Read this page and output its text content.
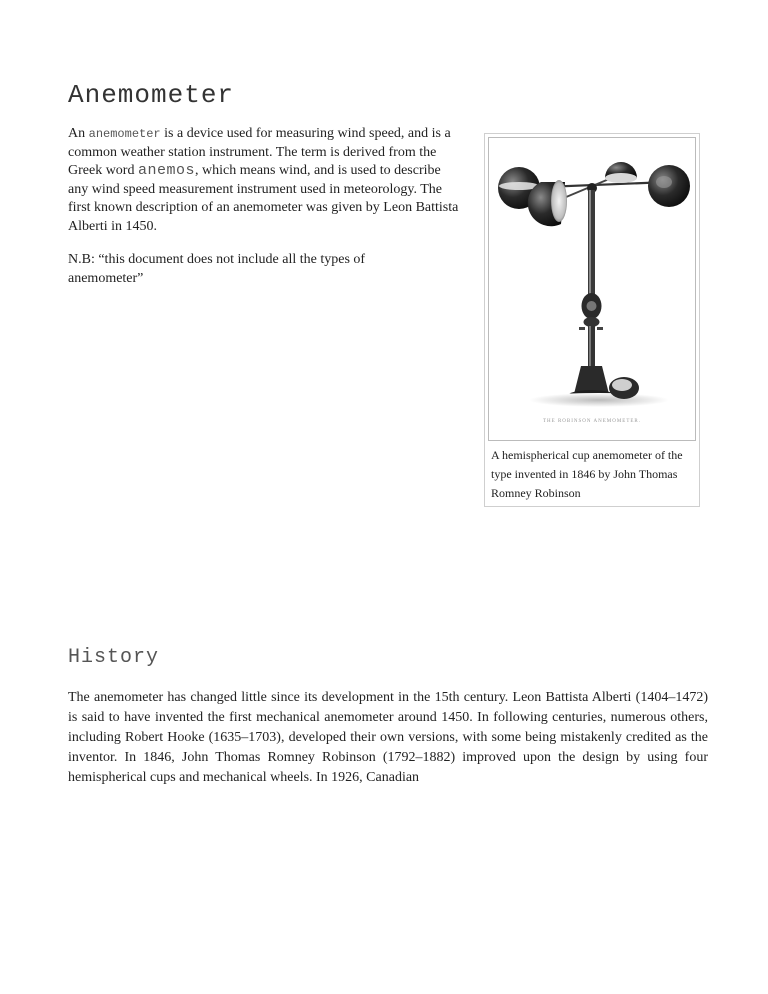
Anemometer

An anemometer is a device used for measuring wind speed, and is a common weather station instrument. The term is derived from the Greek word anemos, which means wind, and is used to describe any wind speed measurement instrument used in meteorology. The first known description of an anemometer was given by Leon Battista Alberti in 1450.

N.B: “this document does not include all the types of anemometer”

THE ROBINSON ANEMOMETER.
A hemispherical cup anemometer of the type invented in 1846 by John Thomas Romney Robinson
History

The anemometer has changed little since its development in the 15th century. Leon Battista Alberti (1404–1472) is said to have invented the first mechanical anemometer around 1450. In following centuries, numerous others, including Robert Hooke (1635–1703), developed their own versions, with some being mistakenly credited as the inventor. In 1846, John Thomas Romney Robinson (1792–1882) improved upon the design by using four hemispherical cups and mechanical wheels. In 1926, Canadian
